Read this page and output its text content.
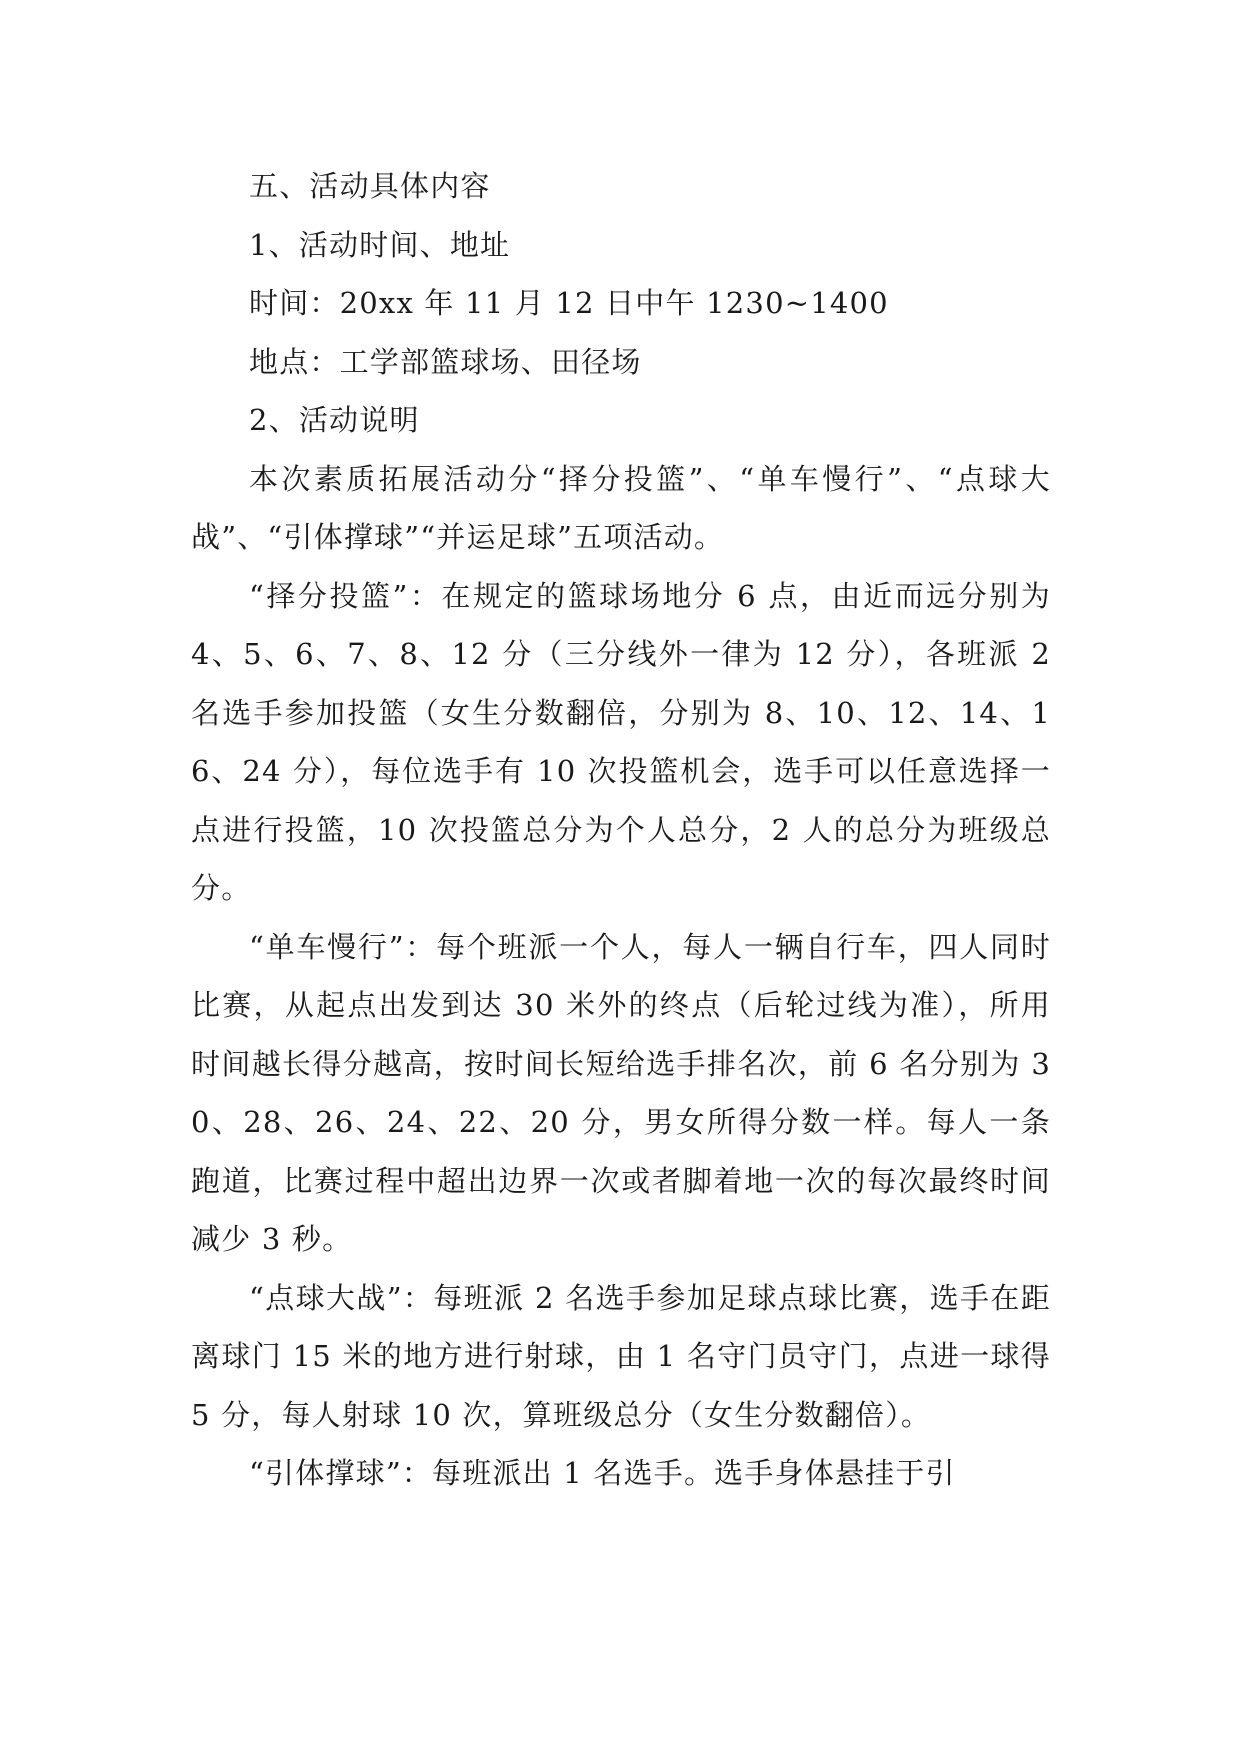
五、活动具体内容

1、活动时间、地址

时间：20xx 年 11 月 12 日中午 1230~1400

地点：工学部篮球场、田径场

2、活动说明

本次素质拓展活动分“择分投篮”、“单车慢行”、“点球大战”、“引体撑球”“并运足球”五项活动。

“择分投篮”：在规定的篮球场地分 6 点，由近而远分别为 4、5、6、7、8、12 分（三分线外一律为 12 分），各班派 2 名选手参加投篮（女生分数翻倍，分别为 8、10、12、14、16、24 分），每位选手有 10 次投篮机会，选手可以任意选择一点进行投篮，10 次投篮总分为个人总分，2 人的总分为班级总分。

“单车慢行”：每个班派一个人，每人一辆自行车，四人同时比赛，从起点出发到达 30 米外的终点（后轮过线为准），所用时间越长得分越高，按时间长短给选手排名次，前 6 名分别为 30、28、26、24、22、20 分，男女所得分数一样。每人一条跑道，比赛过程中超出边界一次或者脚着地一次的每次最终时间减少 3 秒。

“点球大战”：每班派 2 名选手参加足球点球比赛，选手在距离球门 15 米的地方进行射球，由 1 名守门员守门，点进一球得 5 分，每人射球 10 次，算班级总分（女生分数翻倍）。

“引体撑球”：每班派出 1 名选手。选手身体悬挂于引
